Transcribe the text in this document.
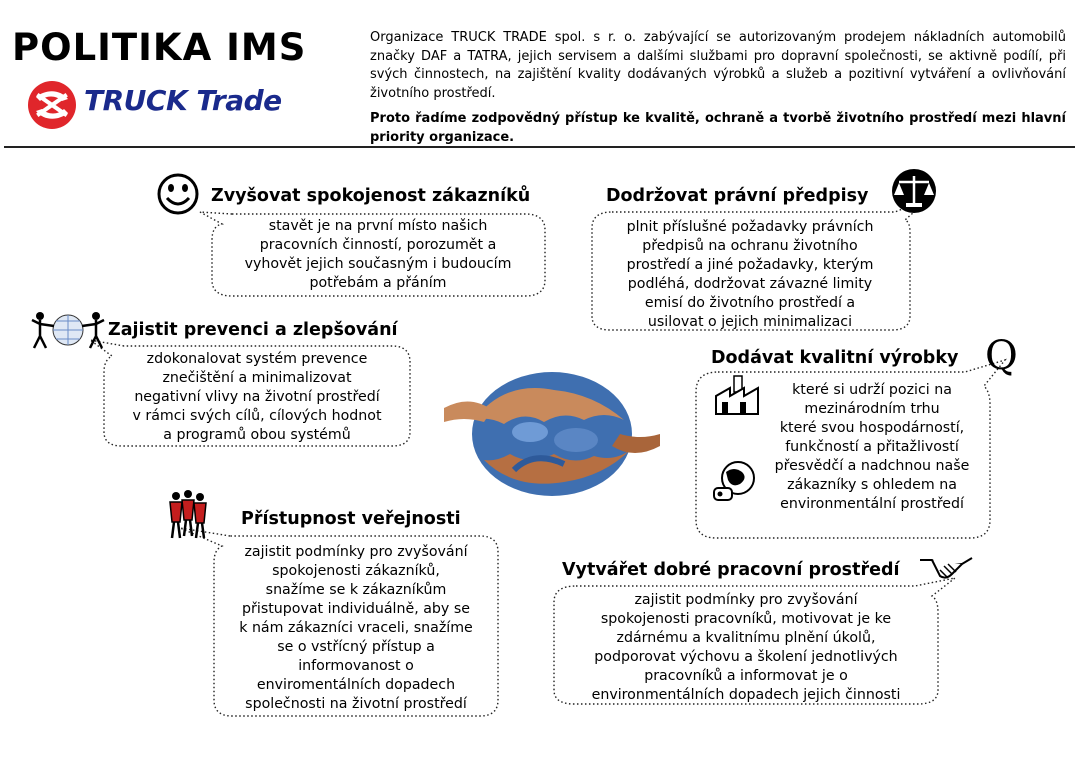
POLITIKA IMS
TRUCK Trade

Organizace TRUCK TRADE spol. s r. o. zabývající se autorizovaným prodejem nákladních automobilů značky DAF a TATRA, jejich servisem a dalšími službami pro dopravní společnosti, se aktivně podílí, při svých činnostech, na zajištění kvality dodávaných výrobků a služeb a pozitivní vytváření a ovlivňování životního prostředí.

Proto řadíme zodpovědný přístup ke kvalitě, ochraně a tvorbě životního prostředí mezi hlavní priority organizace.

Zvyšovat spokojenost zákazníků

stavět je na první místo našich

pracovních činností, porozumět a

vyhovět jejich současným i budoucím

potřebám a přáním

Dodržovat právní předpisy

plnit příslušné požadavky právních

předpisů na ochranu životního

prostředí a jiné požadavky, kterým

podléhá, dodržovat závazné limity

emisí do životního prostředí a

usilovat o jejich minimalizaci

Zajistit prevenci a zlepšování

zdokonalovat systém prevence

znečištění a minimalizovat

negativní vlivy na životní prostředí

v rámci svých cílů, cílových hodnot

a programů obou systémů

Dodávat kvalitní výrobky Q

které si udrží pozici na

mezinárodním trhu

které svou hospodárností,

funkčností a přitažlivostí

přesvědčí a nadchnou naše

zákazníky s ohledem na

environmentální prostředí

Přístupnost veřejnosti

zajistit podmínky pro zvyšování

spokojenosti zákazníků,

snažíme se k zákazníkům

přistupovat individuálně, aby se

k nám zákazníci vraceli, snažíme

se o vstřícný přístup a

informovanost o

enviromentálních dopadech

společnosti na životní prostředí

Vytvářet dobré pracovní prostředí

zajistit podmínky pro zvyšování

spokojenosti pracovníků, motivovat je ke

zdárnému a kvalitnímu plnění úkolů,

podporovat výchovu a školení jednotlivých

pracovníků a informovat je o

environmentálních dopadech jejich činnosti
